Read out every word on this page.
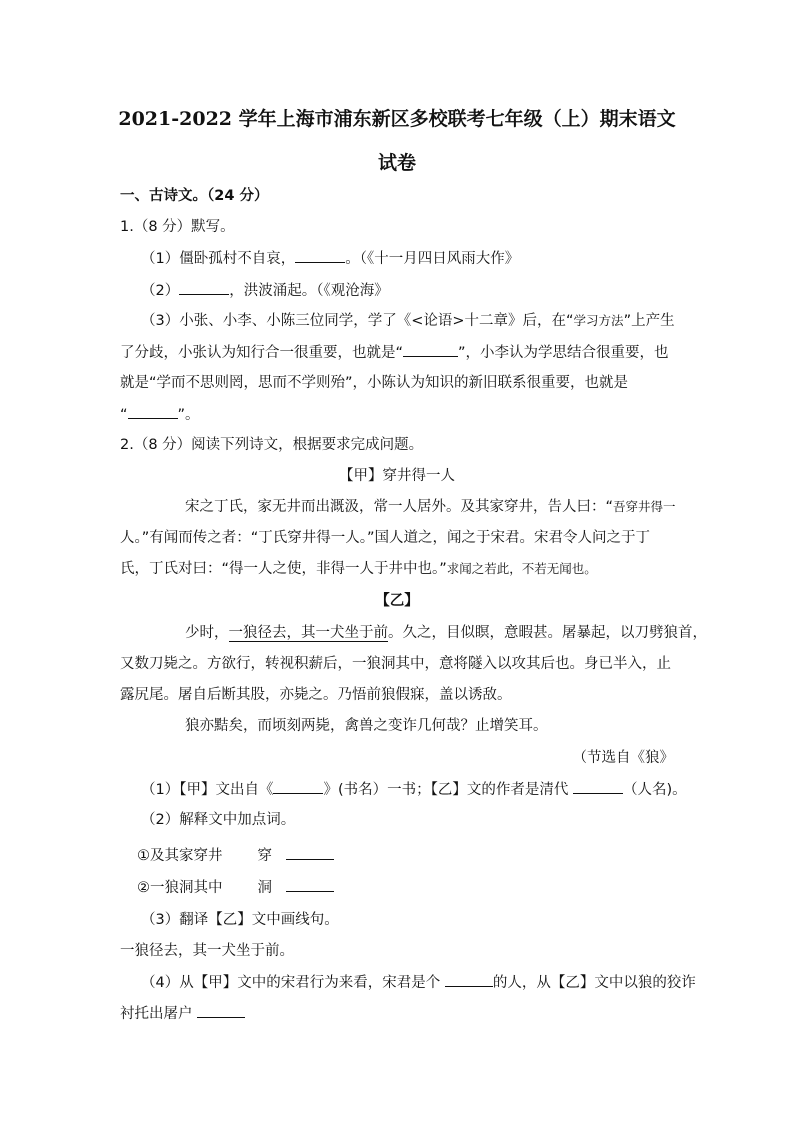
2021-2022 学年上海市浦东新区多校联考七年级（上）期末语文
试卷
一、古诗文。（24 分）
1.（8 分）默写。
（1）僵卧孤村不自哀，	。（《十一月四日风雨大作》
（2）	，洪波涌起。（《观沧海》
（3）小张、小李、小陈三位同学，学了《<论语>十二章》后，在“学习方法”上产生
了分歧，小张认为知行合一很重要，也就是“	”，小李认为学思结合很重要，也
就是“学而不思则罔，思而不学则殆”，小陈认为知识的新旧联系很重要，也就是
“	”。
2.（8 分）阅读下列诗文，根据要求完成问题。
【甲】穿井得一人
宋之丁氏，家无井而出溉汲，常一人居外。及其家穿井，告人曰：“吾穿井得一
人。”有闻而传之者：“丁氏穿井得一人。”国人道之，闻之于宋君。宋君令人问之于丁
氏，丁氏对曰：“得一人之使，非得一人于井中也。”求闻之若此，不若无闻也。
【乙】
少时，一狼径去，其一犬坐于前。久之，目似瞑，意暇甚。屠暴起，以刀劈狼首，
又数刀毙之。方欲行，转视积薪后，一狼洞其中，意将隧入以攻其后也。身已半入，止
露尻尾。屠自后断其股，亦毙之。乃悟前狼假寐，盖以诱敌。
狼亦黠矣，而顷刻两毙，禽兽之变诈几何哉？止增笑耳。
（节选自《狼》
（1）【甲】文出自《	》(书名）一书；【乙】文的作者是清代	（人名)。
（2）解释文中加点词。
①及其家穿井 穿
②一狼洞其中 洞
（3）翻译【乙】文中画线句。
一狼径去，其一犬坐于前。
（4）从【甲】文中的宋君行为来看，宋君是个	的人，从【乙】文中以狼的狡诈
衬托出屠户
